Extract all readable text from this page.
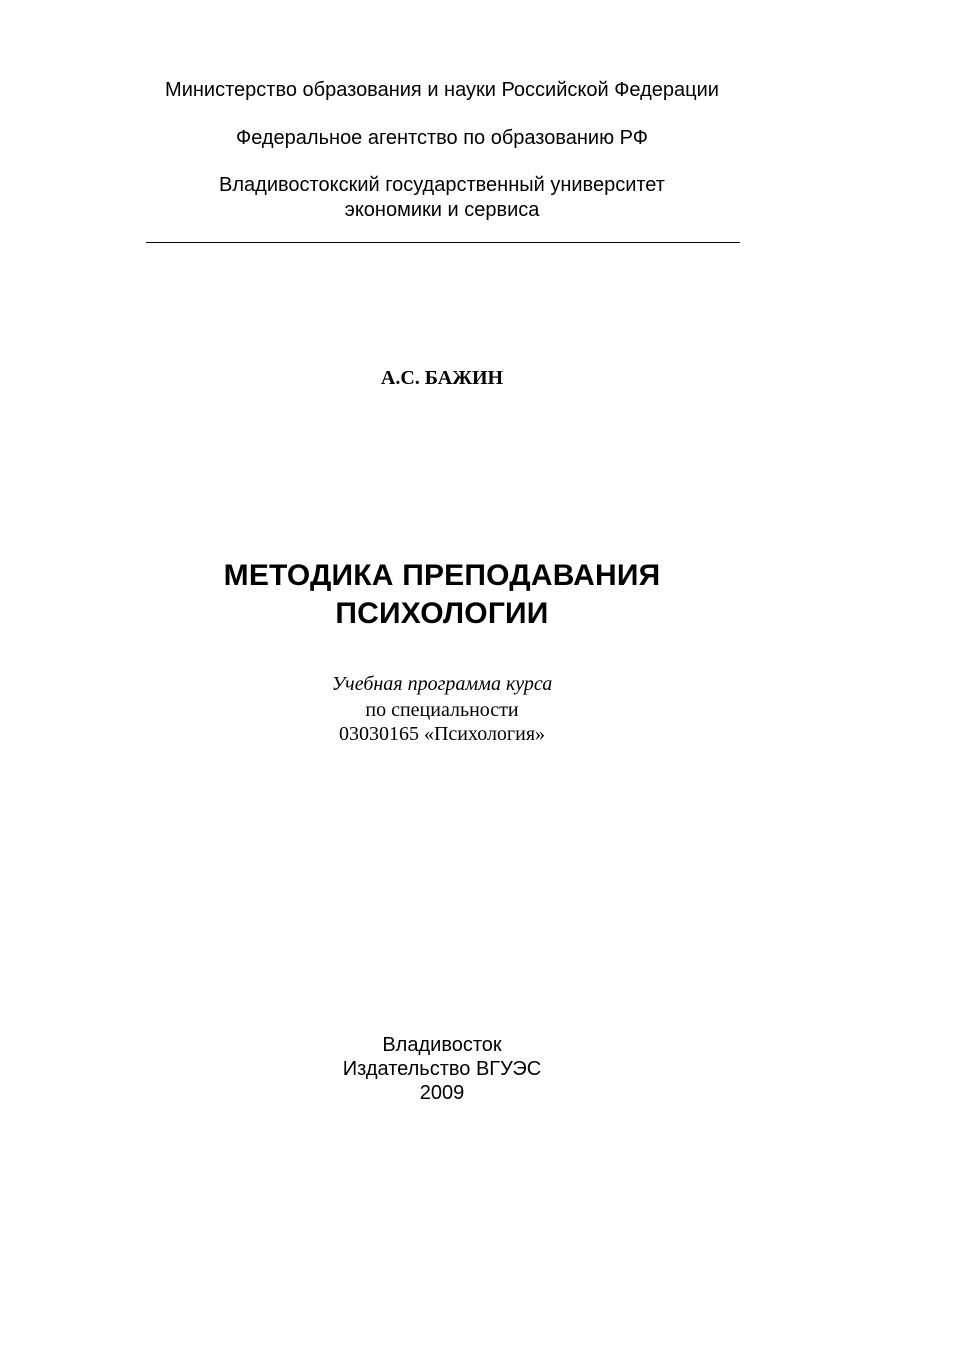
Министерство образования и науки Российской Федерации
Федеральное агентство по образованию РФ
Владивостокский государственный университет
экономики и сервиса
А.С. БАЖИН
МЕТОДИКА ПРЕПОДАВАНИЯ
ПСИХОЛОГИИ
Учебная программа курса
по специальности
03030165 «Психология»
Владивосток
Издательство ВГУЭС
2009
